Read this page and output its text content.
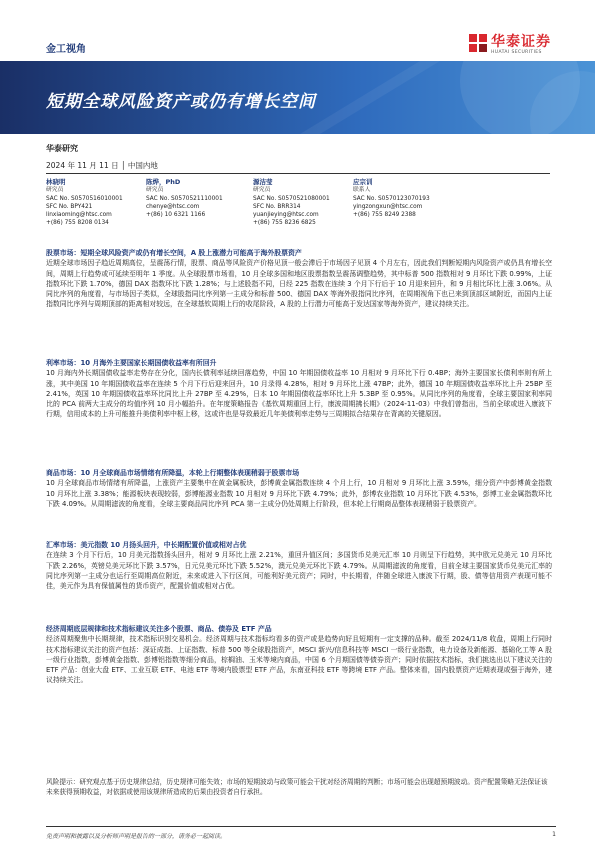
金工视角	华泰证券
HUATAI SECURITIES
短期全球风险资产或仍有增长空间
华泰研究
2024 年 11 月 11 日 │ 中国内地
林晓明
研究员
SAC No. S0570516010001
SFC No. BPY421
linxiaoming@htsc.com
+(86) 755 8208 0134
陈烨，PhD
研究员
SAC No. S0570521110001
chenye@htsc.com
+(86) 10 6321 1166
源洁莹
研究员
SAC No. S0570521080001
SFC No. BRR314
yuanjieying@htsc.com
+(86) 755 8236 6825
应宗训
联系人
SAC No. S0570123070193
yingzongxun@htsc.com
+(86) 755 8249 2388
股票市场：短期全球风险资产或仍有增长空间，A 股上涨潜力可能高于海外股票资产
近期全球市场因子趋近周期高位，呈震荡行情，股票、商品等风险资产价格见顶一般会滞后于市场因子见顶 4 个月左右，因此我们判断短期内风险资产或仍具有增长空间，周期上行趋势或可延续至明年 1 季度。从全球股票市场看，10 月全球多国和地区股票指数呈震荡调整趋势，其中标普 500 指数相对 9 月环比下跌 0.99%，上证指数环比下跌 1.70%，德国 DAX 指数环比下跌 1.28%；与上述股指不同，日经 225 指数在连续 3 个月下行后于 10 月迎来回升，和 9 月相比环比上涨 3.06%。从同比序列的角度看，与市场因子类似，全球股指同比序列第一主成分和标普 500、德国 DAX 等海外股指同比序列，在周期视角下也已来到顶部区域附近，而国内上证指数同比序列与周期顶部的距离相对较远，在全球基钦周期上行的收尾阶段，A 股的上行潜力可能高于发达国家等海外资产，建议持续关注。
利率市场：10 月海外主要国家长期国债收益率有所回升
10 月海内外长期国债收益率走势存在分化，国内长债利率延续回落趋势，中国 10 年期国债收益率 10 月相对 9 月环比下行 0.4BP；海外主要国家长债利率则有所上涨，其中美国 10 年期国债收益率在连续 5 个月下行后迎来回升，10 月录得 4.28%，相对 9 月环比上涨 47BP；此外，德国 10 年期国债收益率环比上升 25BP 至 2.41%，英国 10 年期国债收益率环比同比上升 27BP 至 4.29%，日本 10 年期国债收益率环比上升 5.3BP 至 0.95%。从同比序列的角度看，全球主要国家利率同比的 PCA 前两大主成分的均值序列 10 月小幅抬升。在年度策略报告《基钦周期重回上行，康波周期拂长期》（2024-11-03）中我们曾指出，当前全球或进入康波下行期，信用成本的上升可能推升美债利率中枢上移，这或许也是导致最近几年美债利率走势与三周期拟合结果存在背离的关键原因。
商品市场：10 月全球商品市场情绪有所降温，本轮上行期整体表现稍弱于股票市场
10 月全球商品市场情绪有所降温，上涨资产主要集中在黄金属板块，彭博黄金属指数连续 4 个月上行，10 月相对 9 月环比上涨 3.59%，细分资产中彭博黄金指数 10 月环比上涨 3.38%；能源板块表现较弱，彭博能源业指数 10 月相对 9 月环比下跌 4.79%；此外，彭博农业指数 10 月环比下跌 4.53%，彭博工业金属指数环比下跌 4.09%。从周期滤波的角度看，全球主要商品同比序列 PCA 第一主成分仍处周期上行阶段，但本轮上行期商品整体表现稍弱于股票资产。
汇率市场：美元指数 10 月扬头回升，中长期配置价值或相对占优
在连续 3 个月下行后，10 月美元指数扬头回升，相对 9 月环比上涨 2.21%，重回升值区间；多国货币兑美元汇率 10 月则呈下行趋势，其中欧元兑美元 10 月环比下跌 2.26%，英镑兑美元环比下跌 3.57%，日元兑美元环比下跌 5.52%，澳元兑美元环比下跌 4.79%。从周期滤波的角度看，目前全球主要国家货币兑美元汇率的同比序列第一主成分也运行至周期高位附近，未来或进入下行区间，可能利好美元资产；同时，中长期看，伴随全球进入康波下行期，股、债等信用资产表现可能不佳，美元作为具有保值属性的货币资产，配置价值或相对占优。
经济周期底层规律和技术指标建议关注多个股票、商品、债券及 ETF 产品
经济周期聚焦中长期规律，技术指标识别交易机会。经济周期与技术指标均看多的资产或是趋势向好且短期有一定支撑的品种。截至 2024/11/8 收盘，周期上行同时技术指标建议关注的资产包括：深证成指、上证指数、标普 500 等全球股指资产，MSCI 新兴/信息科技等 MSCI 一级行业指数，电力设备及新能源、基础化工等 A 股一级行业指数，彭博黄金指数、彭博铝指数等细分商品，棕榈油、玉米等境内商品，中国 6 个月期国债等债券资产；同时依据技术指标，我们挑选出以下建议关注的 ETF 产品：创业大盘 ETF、工业互联 ETF、电池 ETF 等境内股票型 ETF 产品，东南亚科技 ETF 等跨境 ETF 产品。整体来看，国内股票资产近期表现或强于海外，建议持续关注。
风险提示：研究观点基于历史规律总结，历史规律可能失效；市场的短期波动与政策可能会干扰对经济周期的判断；市场可能会出现超预期波动。资产配置策略无法保证该未来获得预期收益，对依据或使用该规律所造成的后果由投资者自行承担。
免责声明和披露以及分析师声明是报告的一部分，请务必一起阅读。	1
